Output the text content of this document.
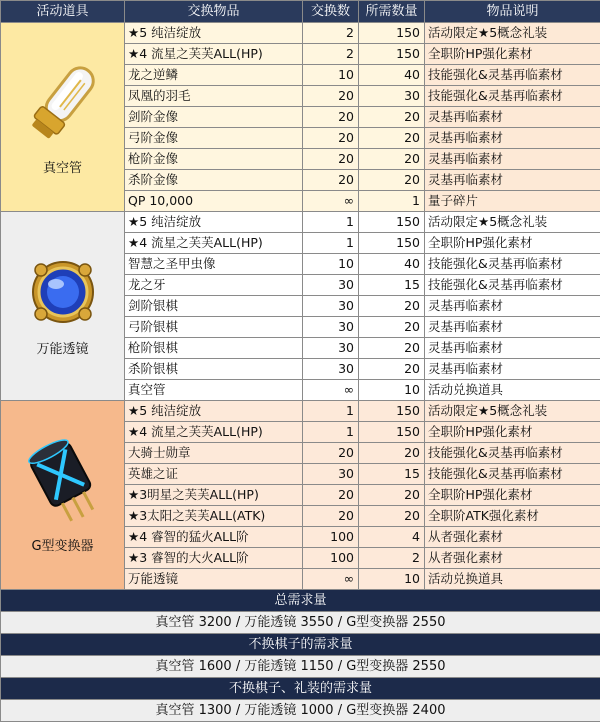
活动道具	交换物品	交换数	所需数量	物品说明

真空管	★5 纯洁绽放	2	150	活动限定★5概念礼装
	★4 流星之芙芙ALL(HP)	2	150	全职阶HP强化素材
	龙之逆鳞	10	40	技能强化&灵基再临素材
	凤凰的羽毛	20	30	技能强化&灵基再临素材
	剑阶金像	20	20	灵基再临素材
	弓阶金像	20	20	灵基再临素材
	枪阶金像	20	20	灵基再临素材
	杀阶金像	20	20	灵基再临素材
	QP 10,000	∞	1	量子碎片

万能透镜	★5 纯洁绽放	1	150	活动限定★5概念礼装
	★4 流星之芙芙ALL(HP)	1	150	全职阶HP强化素材
	智慧之圣甲虫像	10	40	技能强化&灵基再临素材
	龙之牙	30	15	技能强化&灵基再临素材
	剑阶银棋	30	20	灵基再临素材
	弓阶银棋	30	20	灵基再临素材
	枪阶银棋	30	20	灵基再临素材
	杀阶银棋	30	20	灵基再临素材
	真空管	∞	10	活动兑换道具

G型变换器	★5 纯洁绽放	1	150	活动限定★5概念礼装
	★4 流星之芙芙ALL(HP)	1	150	全职阶HP强化素材
	大骑士勋章	20	20	技能强化&灵基再临素材
	英雄之证	30	15	技能强化&灵基再临素材
	★3明星之芙芙ALL(HP)	20	20	全职阶HP强化素材
	★3太阳之芙芙ALL(ATK)	20	20	全职阶ATK强化素材
	★4 睿智的猛火ALL阶	100	4	从者强化素材
	★3 睿智的大火ALL阶	100	2	从者强化素材
	万能透镜	∞	10	活动兑换道具
总需求量				
真空管 3200 / 万能透镜 3550 / G型变换器 2550				
不换棋子的需求量				
真空管 1600 / 万能透镜 1150 / G型变换器 2550				
不换棋子、礼装的需求量				
真空管 1300 / 万能透镜 1000 / G型变换器 2400				
